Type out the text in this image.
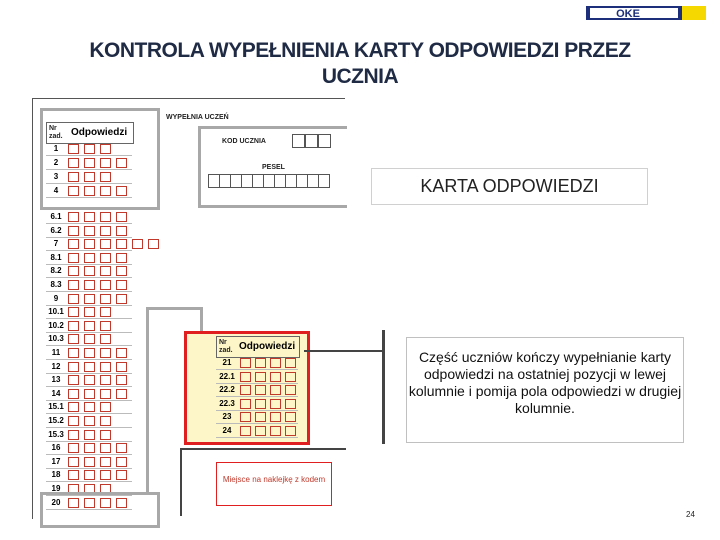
OKE
KONTROLA WYPEŁNIENIA KARTY ODPOWIEDZI PRZEZ UCZNIA
Nr zad. Odpowiedzi
1
2
3
4
6.1
6.2
7
8.1
8.2
8.3
9
10.1
10.2
10.3
11
12
13
14
15.1
15.2
15.3
16
17
18
19
20
WYPEŁNIA UCZEŃ
KOD UCZNIA
PESEL
Nr zad. Odpowiedzi
21
22.1
22.2
22.3
23
24
Miejsce na naklejkę z kodem
KARTA ODPOWIEDZI
Część uczniów kończy wypełnianie karty odpowiedzi na ostatniej pozycji w lewej kolumnie i pomija pola odpowiedzi w drugiej kolumnie.
24
